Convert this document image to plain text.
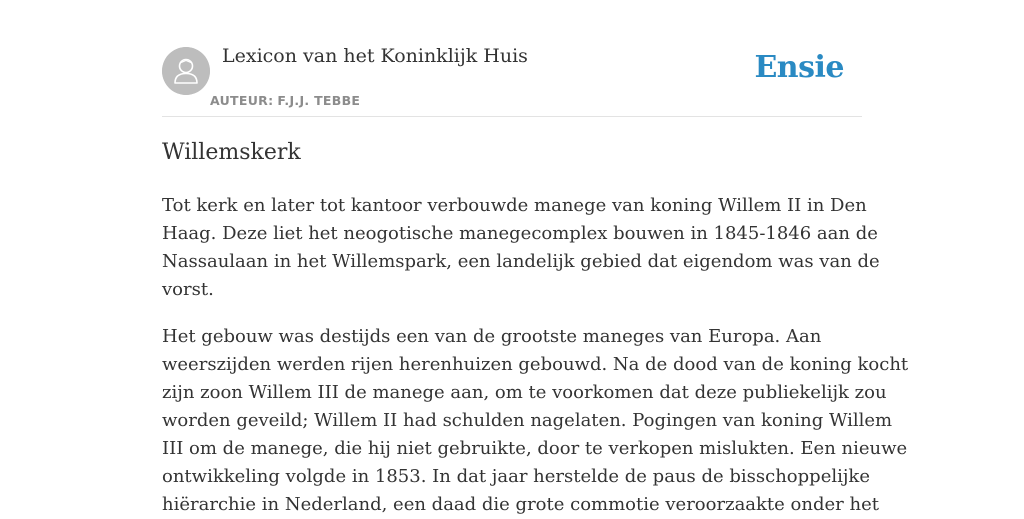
Lexicon van het Koninklijk Huis
AUTEUR: F.J.J. TEBBE
Ensie
Willemskerk

Tot kerk en later tot kantoor verbouwde manege van koning Willem II in Den
Haag. Deze liet het neogotische manegecomplex bouwen in 1845-1846 aan de
Nassaulaan in het Willemspark, een landelijk gebied dat eigendom was van de
vorst.

Het gebouw was destijds een van de grootste maneges van Europa. Aan
weerszijden werden rijen herenhuizen gebouwd. Na de dood van de koning kocht
zijn zoon Willem III de manege aan, om te voorkomen dat deze publiekelijk zou
worden geveild; Willem II had schulden nagelaten. Pogingen van koning Willem
III om de manege, die hij niet gebruikte, door te verkopen mislukten. Een nieuwe
ontwikkeling volgde in 1853. In dat jaar herstelde de paus de bisschoppelijke
hiërarchie in Nederland, een daad die grote commotie veroorzaakte onder het
